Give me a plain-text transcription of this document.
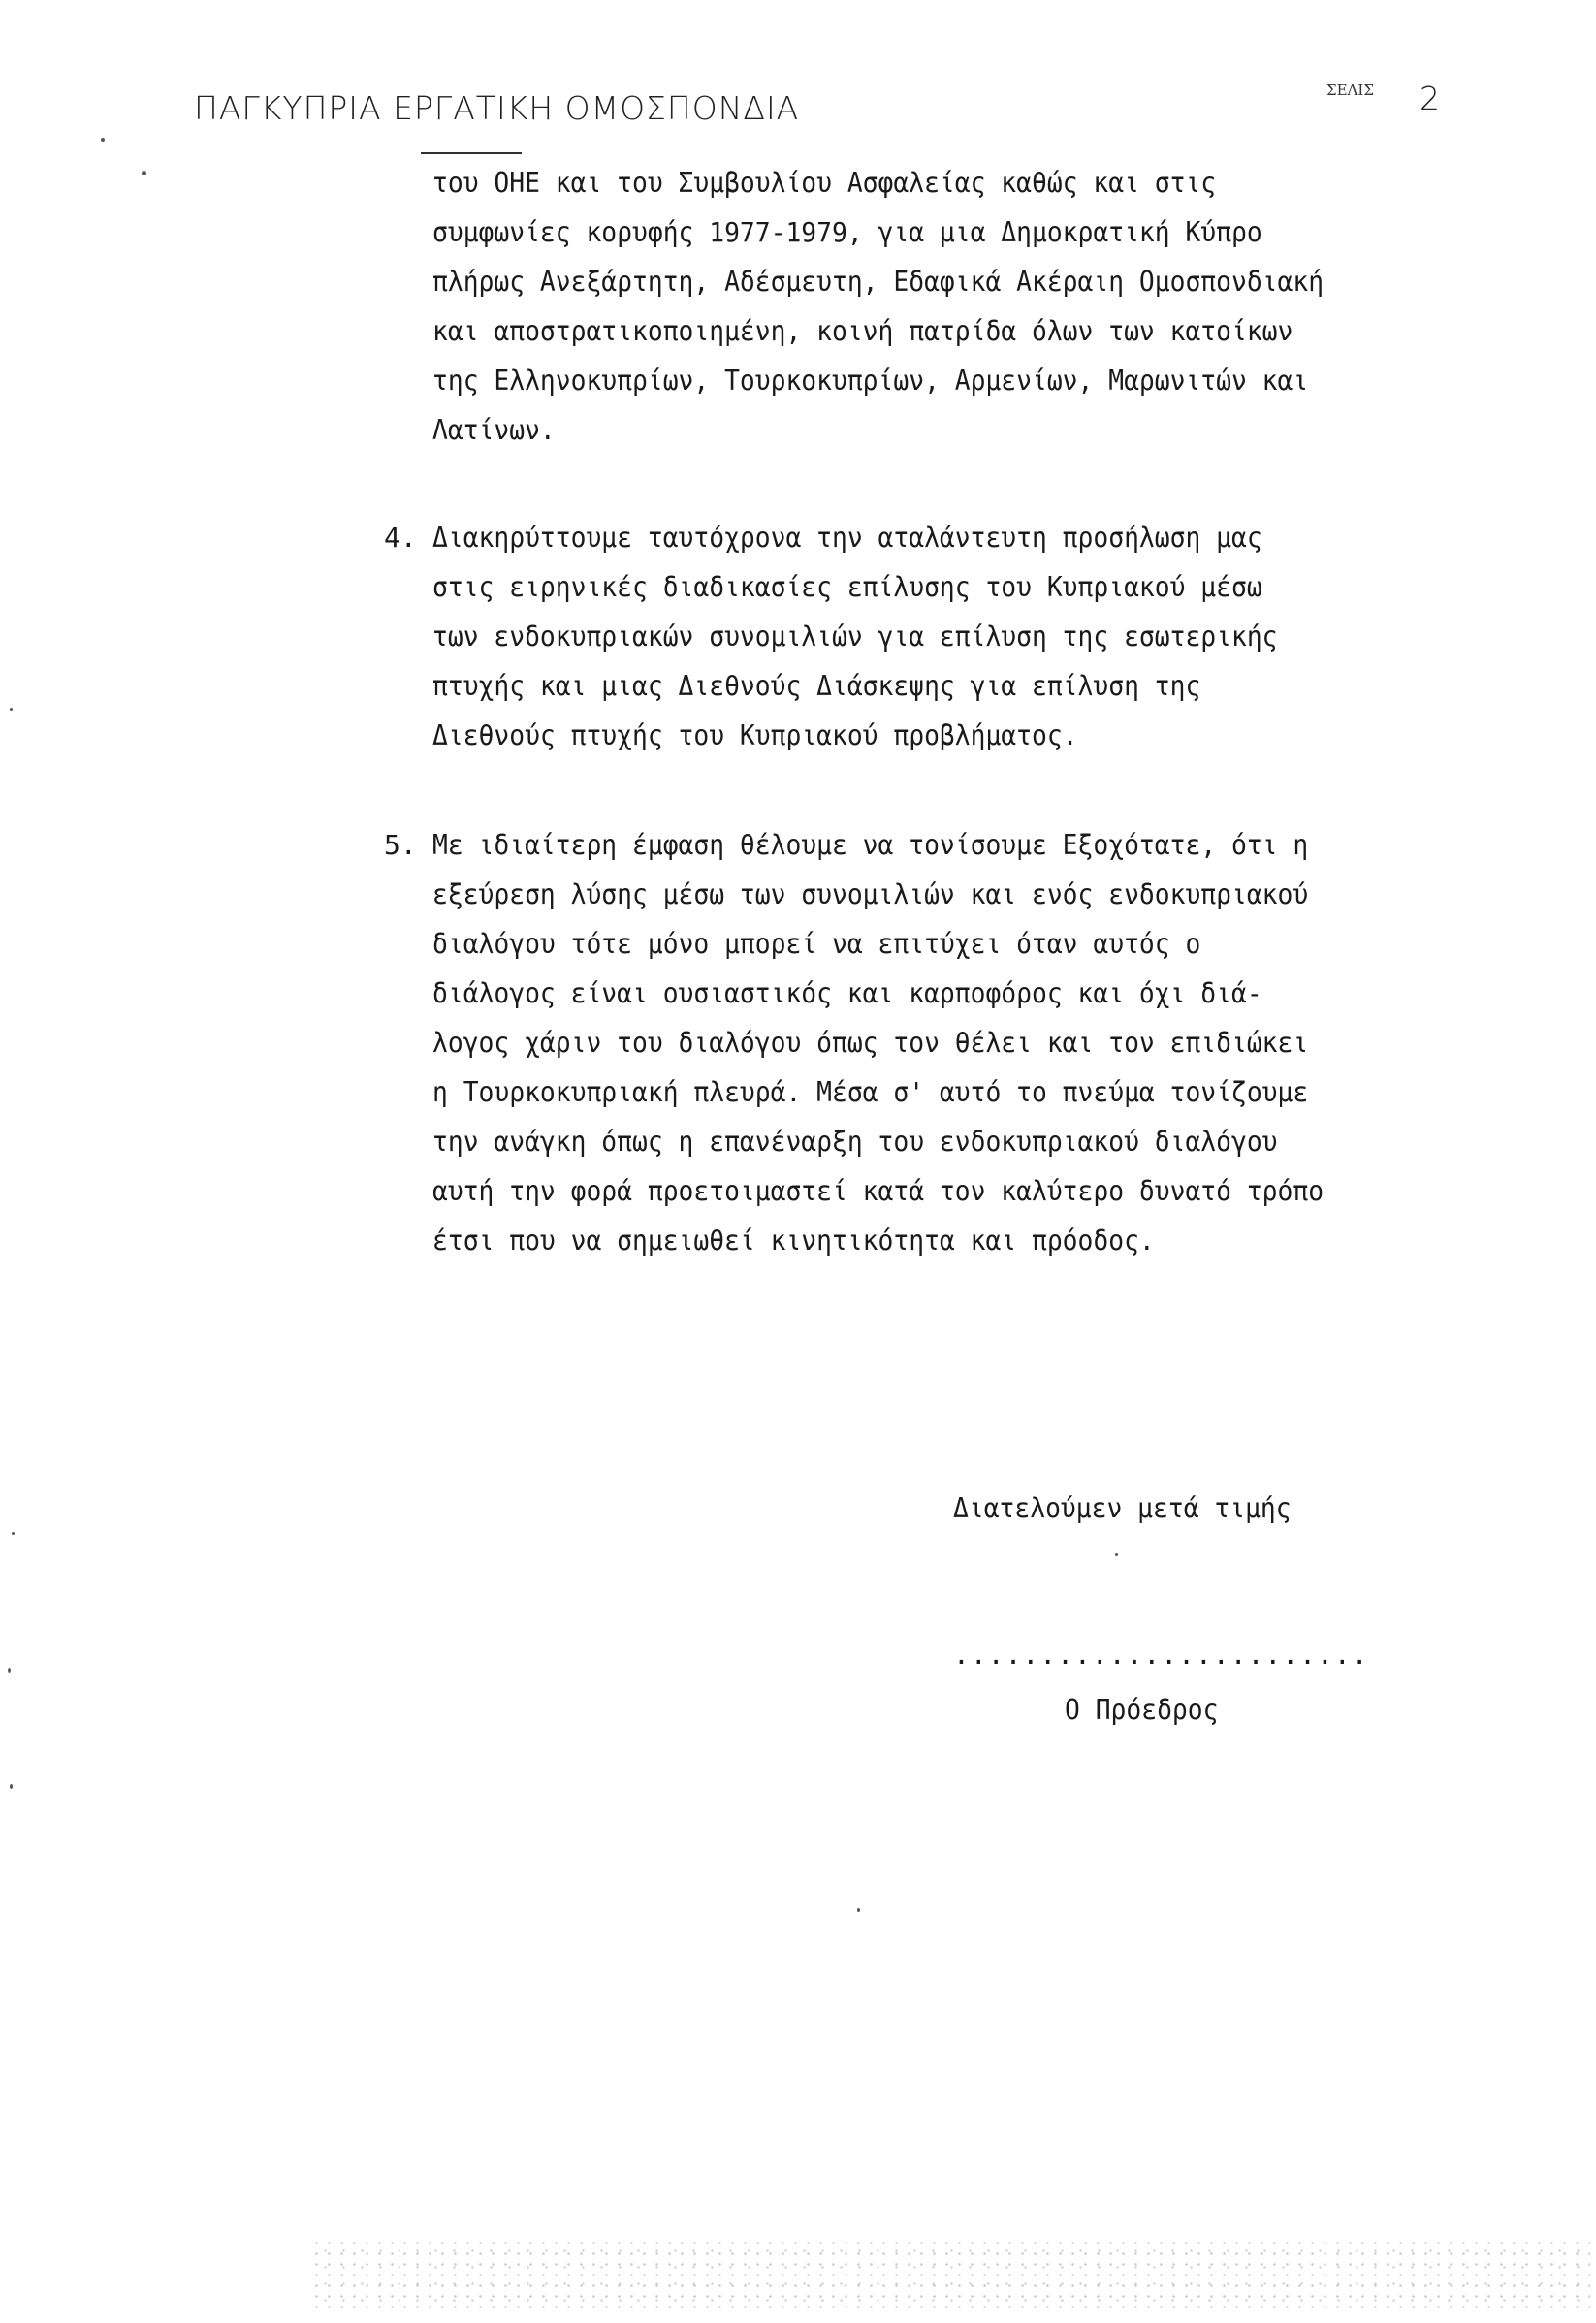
ΠΑΓΚΥΠΡΙΑ ΕΡΓΑΤΙΚΗ ΟΜΟΣΠΟΝΔΙΑ	ΣΕΛΙΣ 2
του ΟΗΕ και του Συμβουλίου Ασφαλείας καθώς και στις
συμφωνίες κορυφής 1977-1979, για μια Δημοκρατική Κύπρο
πλήρως Ανεξάρτητη, Αδέσμευτη, Εδαφικά Ακέραιη Ομοσπονδιακή
και αποστρατικοποιημένη, κοινή πατρίδα όλων των κατοίκων
της Ελληνοκυπρίων, Τουρκοκυπρίων, Αρμενίων, Μαρωνιτών και
Λατίνων.
4. Διακηρύττουμε ταυτόχρονα την αταλάντευτη προσήλωση μας
στις ειρηνικές διαδικασίες επίλυσης του Κυπριακού μέσω
των ενδοκυπριακών συνομιλιών για επίλυση της εσωτερικής
πτυχής και μιας Διεθνούς Διάσκεψης για επίλυση της
Διεθνούς πτυχής του Κυπριακού προβλήματος.
5. Με ιδιαίτερη έμφαση θέλουμε να τονίσουμε Εξοχότατε, ότι η
εξεύρεση λύσης μέσω των συνομιλιών και ενός ενδοκυπριακού
διαλόγου τότε μόνο μπορεί να επιτύχει όταν αυτός ο
διάλογος είναι ουσιαστικός και καρποφόρος και όχι διά-
λογος χάριν του διαλόγου όπως τον θέλει και τον επιδιώκει
η Τουρκοκυπριακή πλευρά. Μέσα σ' αυτό το πνεύμα τονίζουμε
την ανάγκη όπως η επανέναρξη του ενδοκυπριακού διαλόγου
αυτή την φορά προετοιμαστεί κατά τον καλύτερο δυνατό τρόπο
έτσι που να σημειωθεί κινητικότητα και πρόοδος.
Διατελούμεν μετά τιμής
........................
Ο Πρόεδρος
